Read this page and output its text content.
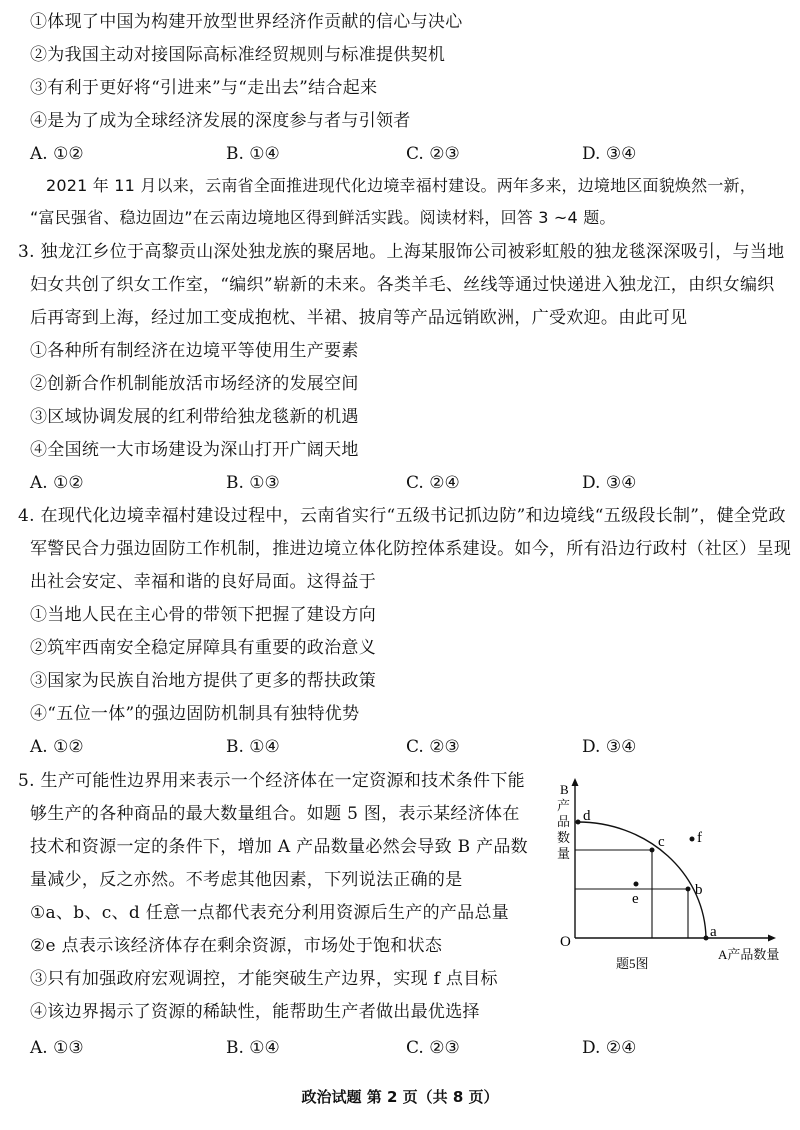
①体现了中国为构建开放型世界经济作贡献的信心与决心
②为我国主动对接国际高标准经贸规则与标准提供契机
③有利于更好将“引进来”与“走出去”结合起来
④是为了成为全球经济发展的深度参与者与引领者
A. ①②	B. ①④	C. ②③	D. ③④
2021 年 11 月以来，云南省全面推进现代化边境幸福村建设。两年多来，边境地区面貌焕然一新，
“富民强省、稳边固边”在云南边境地区得到鲜活实践。阅读材料，回答 3 ~4 题。
3. 独龙江乡位于高黎贡山深处独龙族的聚居地。上海某服饰公司被彩虹般的独龙毯深深吸引，与当地
妇女共创了织女工作室，“编织”崭新的未来。各类羊毛、丝线等通过快递进入独龙江，由织女编织
后再寄到上海，经过加工变成抱枕、半裙、披肩等产品远销欧洲，广受欢迎。由此可见
①各种所有制经济在边境平等使用生产要素
②创新合作机制能放活市场经济的发展空间
③区域协调发展的红利带给独龙毯新的机遇
④全国统一大市场建设为深山打开广阔天地
A. ①②	B. ①③	C. ②④	D. ③④
4. 在现代化边境幸福村建设过程中，云南省实行“五级书记抓边防”和边境线“五级段长制”，健全党政
军警民合力强边固防工作机制，推进边境立体化防控体系建设。如今，所有沿边行政村（社区）呈现
出社会安定、幸福和谐的良好局面。这得益于
①当地人民在主心骨的带领下把握了建设方向
②筑牢西南安全稳定屏障具有重要的政治意义
③国家为民族自治地方提供了更多的帮扶政策
④“五位一体”的强边固防机制具有独特优势
A. ①②	B. ①④	C. ②③	D. ③④
5. 生产可能性边界用来表示一个经济体在一定资源和技术条件下能
够生产的各种商品的最大数量组合。如题 5 图，表示某经济体在
技术和资源一定的条件下，增加 A 产品数量必然会导致 B 产品数
量减少，反之亦然。不考虑其他因素，下列说法正确的是
①a、b、c、d 任意一点都代表充分利用资源后生产的产品总量
②e 点表示该经济体存在剩余资源，市场处于饱和状态
③只有加强政府宏观调控，才能突破生产边界，实现 f 点目标
④该边界揭示了资源的稀缺性，能帮助生产者做出最优选择
A. ①③	B. ①④	C. ②③	D. ②④
d
c
b
a
e
f
B
产
品
数
量
O
A产品数量
题5图
政治试题 第 2 页（共 8 页）
